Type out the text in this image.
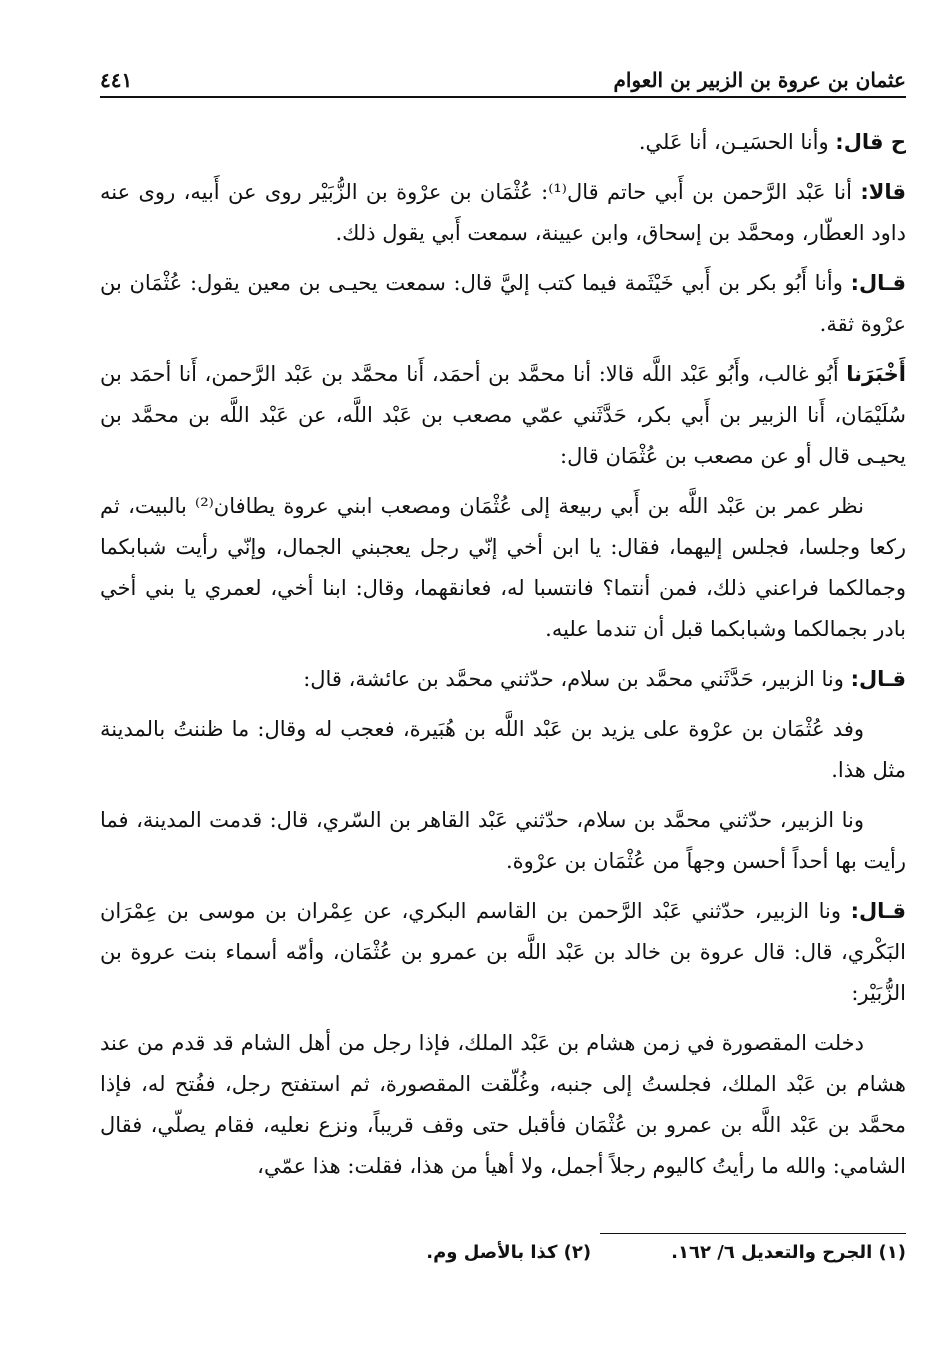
عثمان بن عروة بن الزبير بن العوام
٤٤١

ح قال: وأنا الحسَيـن، أنا عَلي.

قالا: أنا عَبْد الرَّحمن بن أَبي حاتم قال⁽¹⁾: عُثْمَان بن عرْوة بن الزُّبَيْر روى عن أَبيه، روى عنه داود العطّار، ومحمَّد بن إسحاق، وابن عيينة، سمعت أَبي يقول ذلك.

قـال: وأنا أَبُو بكر بن أَبي خَيْثَمة فيما كتب إليَّ قال: سمعت يحيـى بن معين يقول: عُثْمَان بن عرْوة ثقة.

أَخْبَرَنا أَبُو غالب، وأَبُو عَبْد اللَّه قالا: أنا محمَّد بن أحمَد، أَنا محمَّد بن عَبْد الرَّحمن، أَنا أحمَد بن سُلَيْمَان، أَنا الزبير بن أَبي بكر، حَدَّثَني عمّي مصعب بن عَبْد اللَّه، عن عَبْد اللَّه بن محمَّد بن يحيـى قال أو عن مصعب بن عُثْمَان قال:

نظر عمر بن عَبْد اللَّه بن أَبي ربيعة إلى عُثْمَان ومصعب ابني عروة يطافان⁽²⁾ بالبيت، ثم ركعا وجلسا، فجلس إليهما، فقال: يا ابن أخي إنّي رجل يعجبني الجمال، وإنّي رأيت شبابكما وجمالكما فراعني ذلك، فمن أنتما؟ فانتسبا له، فعانقهما، وقال: ابنا أخي، لعمري يا بني أخي بادر بجمالكما وشبابكما قبل أن تندما عليه.

قـال: ونا الزبير، حَدَّثَني محمَّد بن سلام، حدّثني محمَّد بن عائشة، قال:

وفد عُثْمَان بن عرْوة على يزيد بن عَبْد اللَّه بن هُبَيرة، فعجب له وقال: ما ظننتُ بالمدينة مثل هذا.

ونا الزبير، حدّثني محمَّد بن سلام، حدّثني عَبْد القاهر بن السّري، قال: قدمت المدينة، فما رأيت بها أحداً أحسن وجهاً من عُثْمَان بن عرْوة.

قـال: ونا الزبير، حدّثني عَبْد الرَّحمن بن القاسم البكري، عن عِمْران بن موسى بن عِمْرَان البَكْري، قال: قال عروة بن خالد بن عَبْد اللَّه بن عمرو بن عُثْمَان، وأمّه أسماء بنت عروة بن الزُّبَيْر:

دخلت المقصورة في زمن هشام بن عَبْد الملك، فإذا رجل من أهل الشام قد قدم من عند هشام بن عَبْد الملك، فجلستُ إلى جنبه، وغُلّقت المقصورة، ثم استفتح رجل، ففُتح له، فإذا محمَّد بن عَبْد اللَّه بن عمرو بن عُثْمَان فأقبل حتى وقف قريباً، ونزع نعليه، فقام يصلّي، فقال الشامي: والله ما رأيتُ كاليوم رجلاً أجمل، ولا أهيأ من هذا، فقلت: هذا عمّي،

(١) الجرح والتعديل ٦/ ١٦٢.
(٢) كذا بالأصل وم.
